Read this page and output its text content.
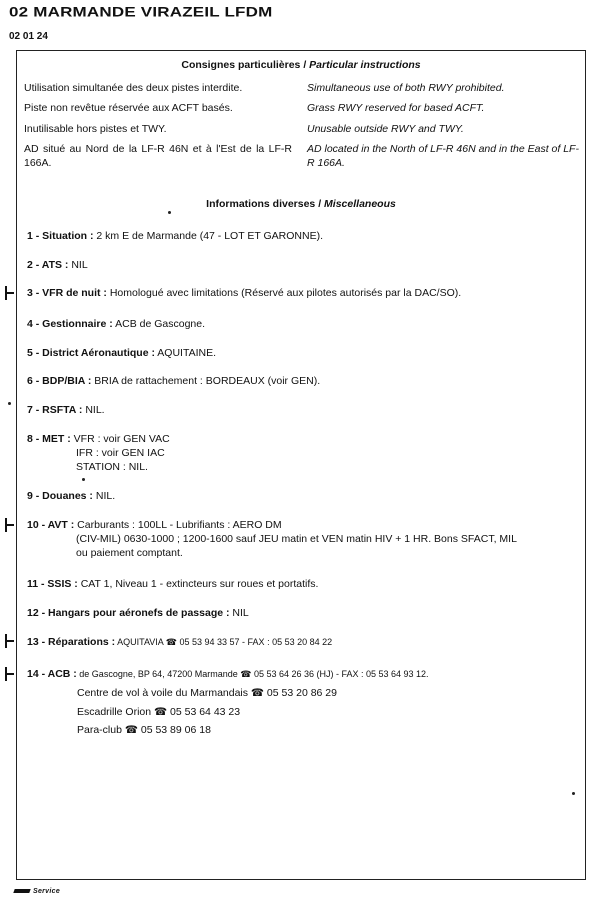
02 MARMANDE VIRAZEIL LFDM
02 01 24
Consignes particulières / Particular instructions
Utilisation simultanée des deux pistes interdite.
Piste non revêtue réservée aux ACFT basés.
Inutilisable hors pistes et TWY.
AD situé au Nord de la LF-R 46N et à l'Est de la LF-R 166A.
Simultaneous use of both RWY prohibited.
Grass RWY reserved for based ACFT.
Unusable outside RWY and TWY.
AD located in the North of LF-R 46N and in the East of LF-R 166A.
Informations diverses / Miscellaneous
1 - Situation : 2 km E de Marmande (47 - LOT ET GARONNE).
2 - ATS : NIL
3 - VFR de nuit : Homologué avec limitations (Réservé aux pilotes autorisés par la DAC/SO).
4 - Gestionnaire : ACB de Gascogne.
5 - District Aéronautique : AQUITAINE.
6 - BDP/BIA : BRIA de rattachement : BORDEAUX (voir GEN).
7 - RSFTA : NIL.
8 - MET : VFR : voir GEN VAC
IFR : voir GEN IAC
STATION : NIL.
9 - Douanes : NIL.
10 - AVT : Carburants : 100LL - Lubrifiants : AERO DM
(CIV-MIL) 0630-1000 ; 1200-1600 sauf JEU matin et VEN matin HIV + 1 HR. Bons SFACT, MIL
ou paiement comptant.
11 - SSIS : CAT 1, Niveau 1 - extincteurs sur roues et portatifs.
12 - Hangars pour aéronefs de passage : NIL
13 - Réparations : AQUITAVIA ☎ 05 53 94 33 57 - FAX : 05 53 20 84 22
14 - ACB : de Gascogne, BP 64, 47200 Marmande ☎ 05 53 64 26 36 (HJ) - FAX : 05 53 64 93 12.
Centre de vol à voile du Marmandais ☎ 05 53 20 86 29
Escadrille Orion ☎ 05 53 64 43 23
Para-club ☎ 05 53 89 06 18
Service
